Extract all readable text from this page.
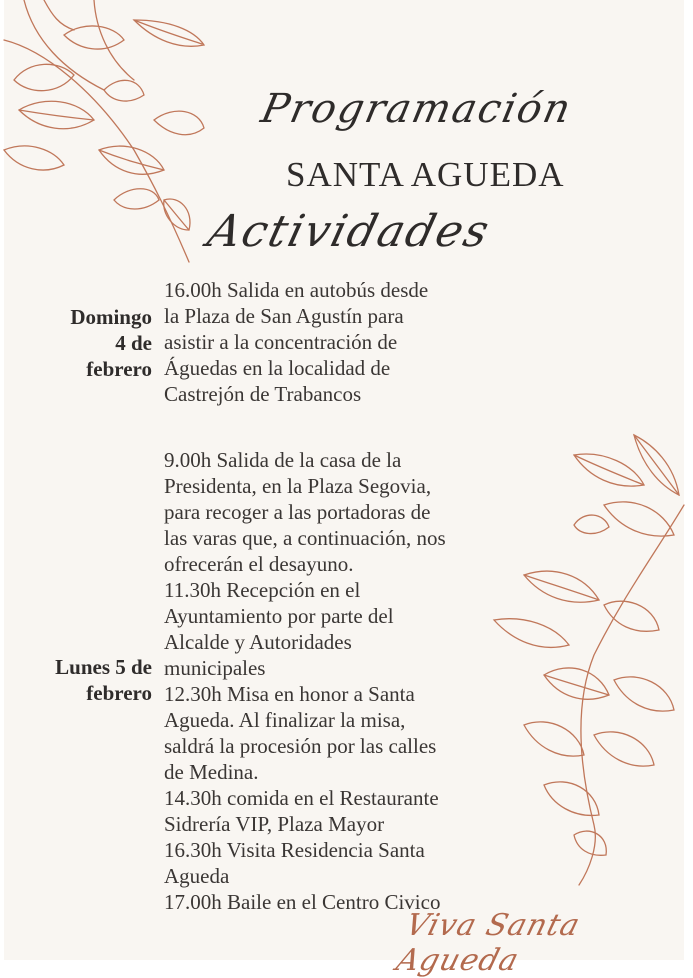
Programación
SANTA AGUEDA
Actividades
Domingo
4 de
febrero
16.00h Salida en autobús desde
la Plaza de San Agustín para
asistir a la concentración de
Águedas en la localidad de
Castrejón de Trabancos
Lunes 5 de
febrero
9.00h Salida de la casa de la
Presidenta, en la Plaza Segovia,
para recoger a las portadoras de
las varas que, a continuación, nos
ofrecerán el desayuno.
11.30h Recepción en el
Ayuntamiento por parte del
Alcalde y Autoridades
municipales
12.30h Misa en honor a Santa
Agueda. Al finalizar la misa,
saldrá la procesión por las calles
de Medina.
14.30h comida en el Restaurante
Sidrería VIP, Plaza Mayor
16.30h Visita Residencia Santa
Agueda
17.00h Baile en el Centro Civico
Viva Santa Agueda
